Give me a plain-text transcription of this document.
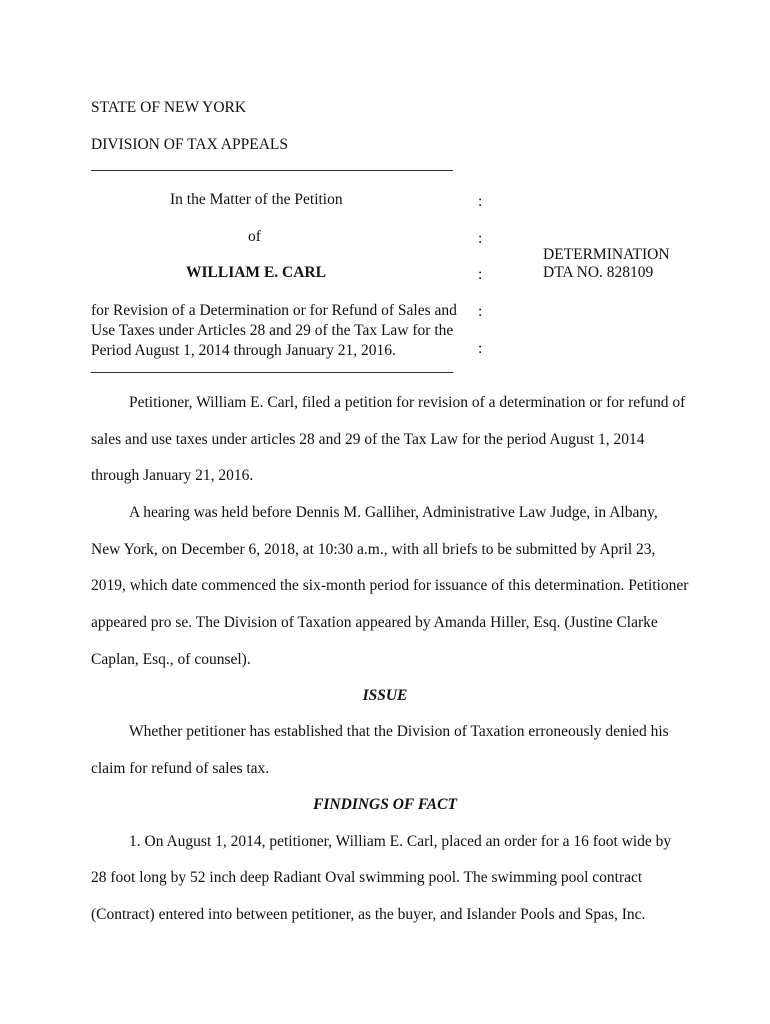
STATE OF NEW YORK
DIVISION OF TAX APPEALS
In the Matter of the Petition
of
WILLIAM E. CARL
for Revision of a Determination or for Refund of Sales and
Use Taxes under Articles 28 and 29 of the Tax Law for the
Period August 1, 2014 through January 21, 2016.
:
:
:
:
:
DETERMINATION
DTA NO. 828109
Petitioner, William E. Carl, filed a petition for revision of a determination or for refund of
sales and use taxes under articles 28 and 29 of the Tax Law for the period August 1, 2014
through January 21, 2016.
A hearing was held before Dennis M. Galliher, Administrative Law Judge, in Albany,
New York, on December 6, 2018, at 10:30 a.m., with all briefs to be submitted by April 23,
2019, which date commenced the six-month period for issuance of this determination. Petitioner
appeared pro se. The Division of Taxation appeared by Amanda Hiller, Esq. (Justine Clarke
Caplan, Esq., of counsel).
ISSUE
Whether petitioner has established that the Division of Taxation erroneously denied his
claim for refund of sales tax.
FINDINGS OF FACT
1. On August 1, 2014, petitioner, William E. Carl, placed an order for a 16 foot wide by
28 foot long by 52 inch deep Radiant Oval swimming pool. The swimming pool contract
(Contract) entered into between petitioner, as the buyer, and Islander Pools and Spas, Inc.
